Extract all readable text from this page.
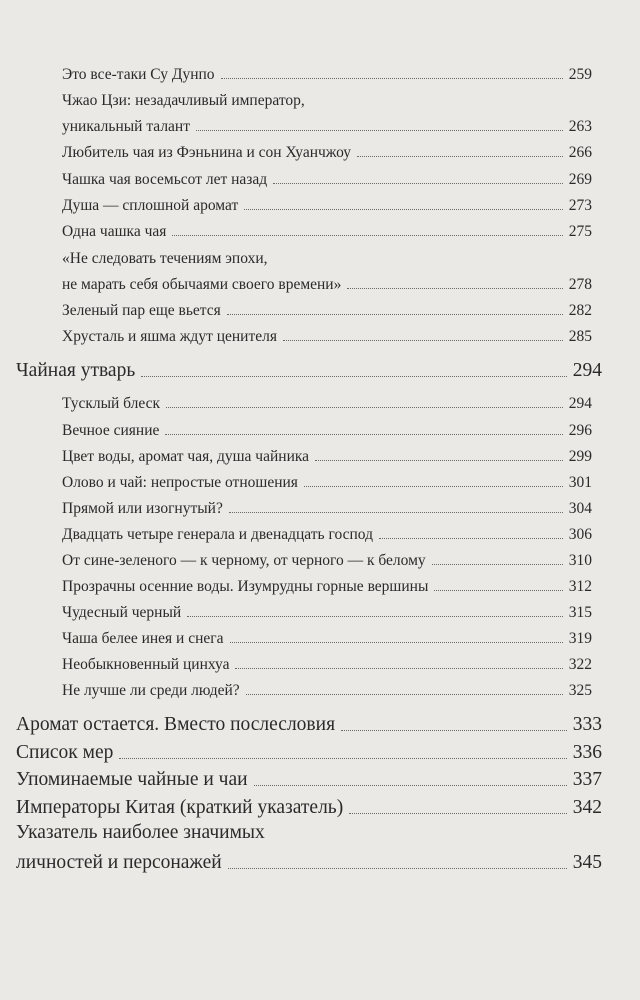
Это все-таки Су Дунпо	259
Чжао Цзи: незадачливый император,
уникальный талант	263
Любитель чая из Фэньнина и сон Хуанчжоу	266
Чашка чая восемьсот лет назад	269
Душа — сплошной аромат	273
Одна чашка чая	275
«Не следовать течениям эпохи,
не марать себя обычаями своего времени»	278
Зеленый пар еще вьется	282
Хрусталь и яшма ждут ценителя	285
Чайная утварь	294
Тусклый блеск	294
Вечное сияние	296
Цвет воды, аромат чая, душа чайника	299
Олово и чай: непростые отношения	301
Прямой или изогнутый?	304
Двадцать четыре генерала и двенадцать господ	306
От сине-зеленого — к черному, от черного — к белому	310
Прозрачны осенние воды. Изумрудны горные вершины	312
Чудесный черный	315
Чаша белее инея и снега	319
Необыкновенный цинхуа	322
Не лучше ли среди людей?	325
Аромат остается. Вместо послесловия	333
Список мер	336
Упоминаемые чайные и чаи	337
Императоры Китая (краткий указатель)	342
Указатель наиболее значимых
личностей и персонажей	345
